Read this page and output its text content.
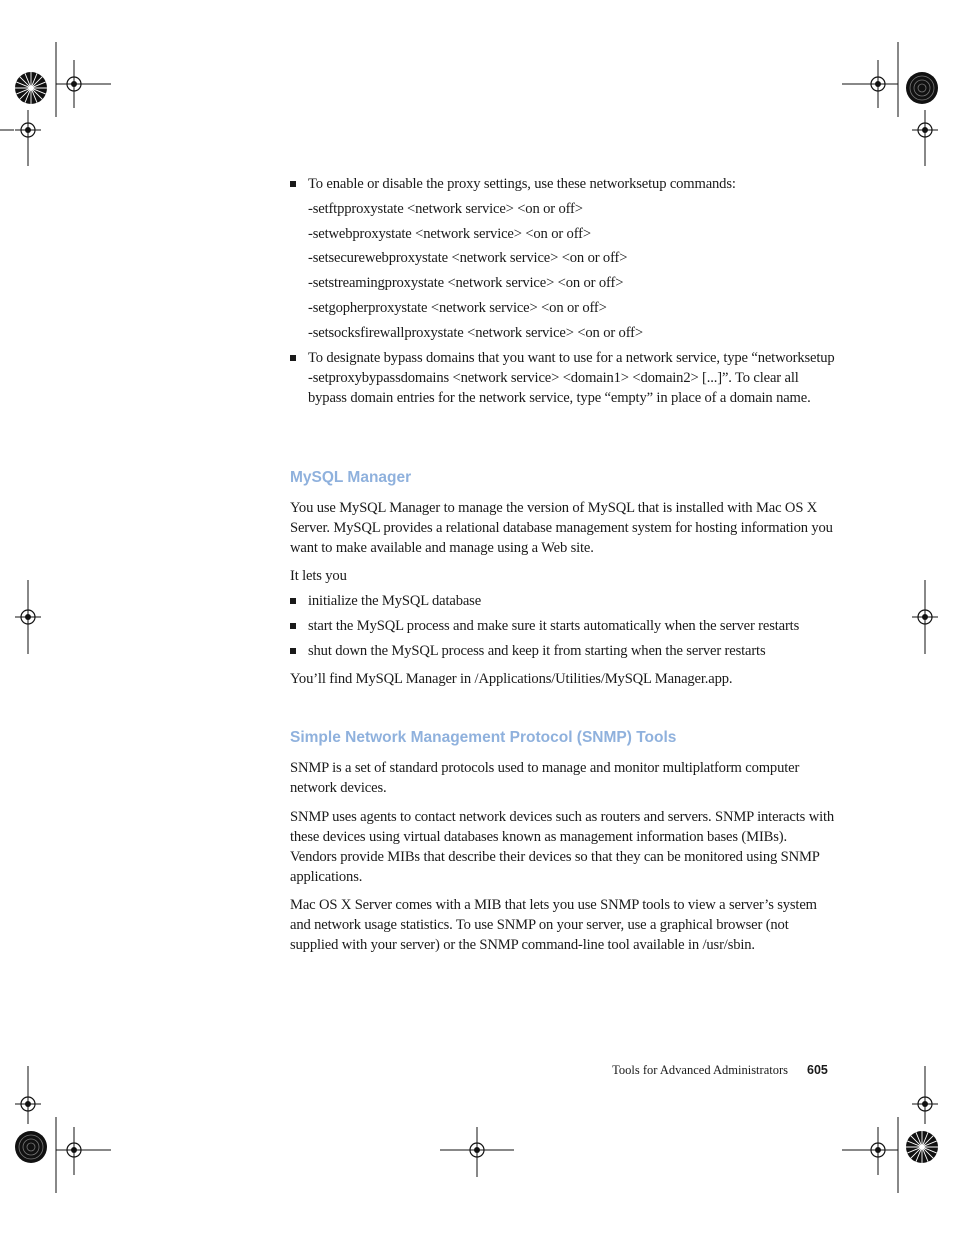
To enable or disable the proxy settings, use these networksetup commands:
-setftpproxystate <network service> <on or off>
-setwebproxystate <network service> <on or off>
-setsecurewebproxystate <network service> <on or off>
-setstreamingproxystate <network service> <on or off>
-setgopherproxystate <network service> <on or off>
-setsocksfirewallproxystate <network service> <on or off>
To designate bypass domains that you want to use for a network service, type “networksetup -setproxybypassdomains <network service> <domain1> <domain2> [...]”. To clear all bypass domain entries for the network service, type “empty” in place of a domain name.
MySQL Manager
You use MySQL Manager to manage the version of MySQL that is installed with Mac OS X Server. MySQL provides a relational database management system for hosting information you want to make available and manage using a Web site.
It lets you
initialize the MySQL database
start the MySQL process and make sure it starts automatically when the server restarts
shut down the MySQL process and keep it from starting when the server restarts
You’ll find MySQL Manager in /Applications/Utilities/MySQL Manager.app.
Simple Network Management Protocol (SNMP) Tools
SNMP is a set of standard protocols used to manage and monitor multiplatform computer network devices.
SNMP uses agents to contact network devices such as routers and servers. SNMP interacts with these devices using virtual databases known as management information bases (MIBs). Vendors provide MIBs that describe their devices so that they can be monitored using SNMP applications.
Mac OS X Server comes with a MIB that lets you use SNMP tools to view a server’s system and network usage statistics. To use SNMP on your server, use a graphical browser (not supplied with your server) or the SNMP command-line tool available in /usr/sbin.
Tools for Advanced Administrators 605
